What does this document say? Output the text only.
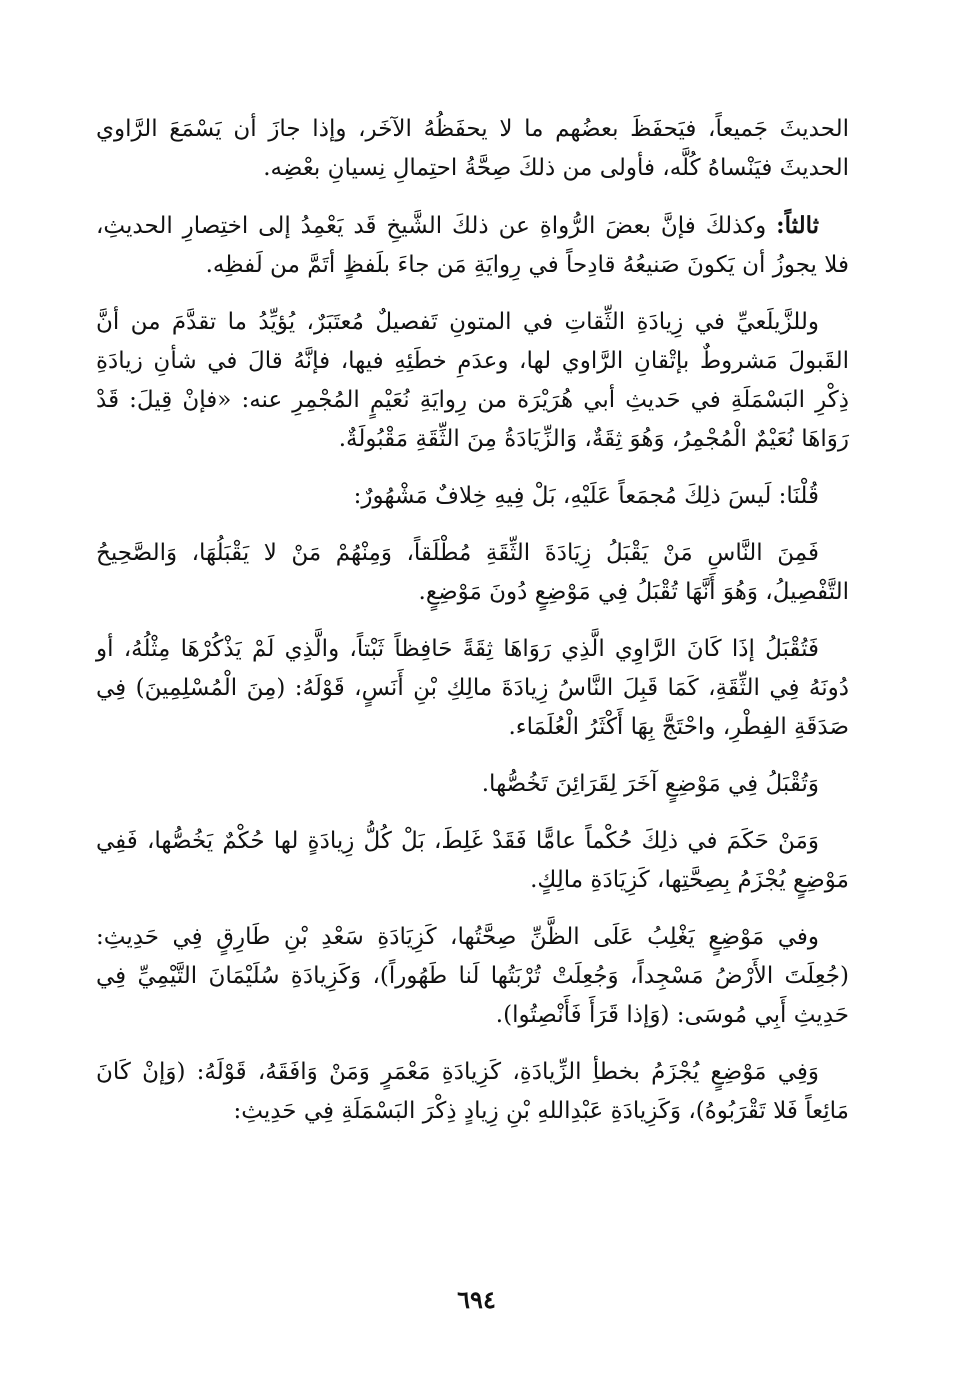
الحديثَ جَميعاً، فيَحفَظَ بعضُهم ما لا يحفَظُهُ الآخَر، وإذا جازَ أن يَسْمَعَ الرَّاوي الحديثَ فيَنْساهُ كُلَّه، فأولى من ذلكَ صِحَّةُ احتِمالِ نِسيانِ بعْضِه.

ثالثاً: وكذلكَ فإنَّ بعضَ الرُّواةِ عن ذلكَ الشَّيخِ قَد يَعْمِدُ إلى اختِصارِ الحديثِ، فلا يجوزُ أن يَكونَ صَنيعُهُ قادِحاً في رِوايَةِ مَن جاءَ بلَفظٍ أتَمَّ من لَفظِه.

وللزَّيلَعيِّ في زِيادَةِ الثِّقاتِ في المتونِ تَفصيلٌ مُعتَبَرٌ، يُؤيِّدُ ما تقدَّمَ من أنَّ القَبولَ مَشروطٌ بإتْقانِ الرَّاوي لها، وعدَمِ خطَئِهِ فيها، فإنَّهُ قالَ في شأنِ زيادَةِ ذِكْرِ البَسْمَلَةِ في حَديثِ أبي هُرَيْرَة من رِوايَةِ نُعَيْمٍ المُجْمِرِ عنه: «فإنْ قِيلَ: قَدْ رَوَاهَا نُعَيْمٌ الْمُجْمِرُ، وَهُوَ ثِقَةٌ، وَالزِّيَادَةُ مِنَ الثِّقَةِ مَقْبُولَةٌ.

قُلْنَا: لَيسَ ذلِكَ مُجمَعاً عَلَيْهِ، بَلْ فِيهِ خِلافٌ مَشْهُورٌ:

فَمِنَ النَّاسِ مَنْ يَقْبَلُ زِيَادَةَ الثِّقَةِ مُطْلَقاً، وَمِنْهُمْ مَنْ لا يَقْبَلُهَا، وَالصَّحِيحُ التَّفْصِيلُ، وَهُوَ أَنَّهَا تُقْبَلُ فِي مَوْضِعٍ دُونَ مَوْضِعٍ.

فَتُقْبَلُ إذَا كَانَ الرَّاوِي الَّذِي رَوَاهَا ثِقَةً حَافِظاً ثَبْتاً، والَّذِي لَمْ يَذْكُرْهَا مِثْلُهُ، أو دُونَهُ فِي الثِّقَةِ، كَمَا قَبِلَ النَّاسُ زِيادَةَ مالِكِ بْنِ أَنَسٍ، قَوْلَهُ: (مِنَ الْمُسْلِمِينَ) فِي صَدَقَةِ الفِطْرِ، واحْتَجَّ بِهَا أَكْثَرُ الْعُلَمَاء.

وَتُقْبَلُ فِي مَوْضِعٍ آخَرَ لِقَرَائِنَ تَخُصُّها.

وَمَنْ حَكَمَ في ذلِكَ حُكْماً عامًّا فَقَدْ غَلِطَ، بَلْ كُلُّ زِيادَةٍ لها حُكْمٌ يَخُصُّها، فَفِي مَوْضِعٍ يُجْزَمُ بِصِحَّتِها، كَزِيَادَةِ مالِكٍ.

وفي مَوْضِعٍ يَغْلِبُ عَلَى الظَّنِّ صِحَّتُها، كَزِيَادَةِ سَعْدِ بْنِ طَارِقٍ فِي حَدِيثِ: (جُعِلَتَ الأَرْضُ مَسْجِداً، وَجُعِلَتْ تُرْبَتُها لَنا طَهُوراً)، وَكَزِيادَةِ سُلَيْمَانَ التَّيْمِيِّ فِي حَدِيثِ أَبِي مُوسَى: (وَإذا قَرَأَ فَأَنْصِتُوا).

وَفِي مَوْضِعٍ يُجْزَمُ بخطأِ الزِّيادَةِ، كَزِيادَةِ مَعْمَرٍ وَمَنْ وَافَقَهُ، قَوْلَهُ: (وَإنْ كَانَ مَائِعاً فَلا تَقْرَبُوهُ)، وَكَزِيادَةِ عَبْدِاللهِ بْنِ زِيادٍ ذِكْرَ البَسْمَلَةِ فِي حَدِيثِ:

٦٩٤
